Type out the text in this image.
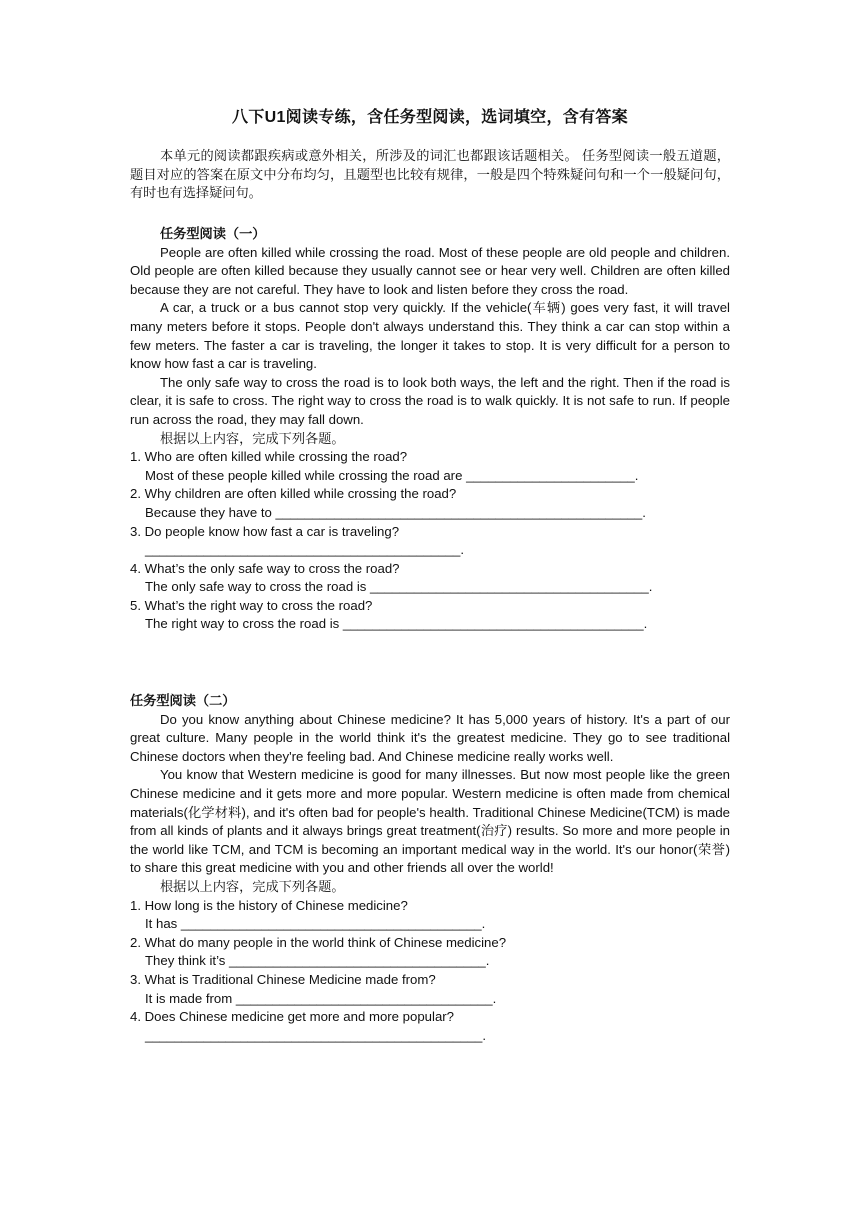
八下U1阅读专练，含任务型阅读，选词填空，含有答案

本单元的阅读都跟疾病或意外相关，所涉及的词汇也都跟该话题相关。 任务型阅读一般五道题，题目对应的答案在原文中分布均匀，且题型也比较有规律，一般是四个特殊疑问句和一个一般疑问句，有时也有选择疑问句。

任务型阅读（一）

People are often killed while crossing the road. Most of these people are old people and children. Old people are often killed because they usually cannot see or hear very well. Children are often killed because they are not careful. They have to look and listen before they cross the road.

A car, a truck or a bus cannot stop very quickly. If the vehicle(车辆) goes very fast, it will travel many meters before it stops. People don't always understand this. They think a car can stop within a few meters. The faster a car is traveling, the longer it takes to stop. It is very difficult for a person to know how fast a car is traveling.

The only safe way to cross the road is to look both ways, the left and the right. Then if the road is clear, it is safe to cross. The right way to cross the road is to walk quickly. It is not safe to run. If people run across the road, they may fall down.

根据以上内容，完成下列各题。

1. Who are often killed while crossing the road?

Most of these people killed while crossing the road are _______________________.

2. Why children are often killed while crossing the road?

Because they have to __________________________________________________.

3. Do people know how fast a car is traveling?

___________________________________________.

4. What’s the only safe way to cross the road?

The only safe way to cross the road is ______________________________________.

5. What’s the right way to cross the road?

The right way to cross the road is _________________________________________.

任务型阅读（二）

Do you know anything about Chinese medicine? It has 5,000 years of history. It's a part of our great culture. Many people in the world think it's the greatest medicine. They go to see traditional Chinese doctors when they're feeling bad. And Chinese medicine really works well.

You know that Western medicine is good for many illnesses. But now most people like the green Chinese medicine and it gets more and more popular. Western medicine is often made from chemical materials(化学材料), and it's often bad for people's health. Traditional Chinese Medicine(TCM) is made from all kinds of plants and it always brings great treatment(治疗) results. So more and more people in the world like TCM, and TCM is becoming an important medical way in the world. It's our honor(荣誉) to share this great medicine with you and other friends all over the world!

根据以上内容，完成下列各题。

1. How long is the history of Chinese medicine?

It has _________________________________________.

2. What do many people in the world think of Chinese medicine?

They think it’s ___________________________________.

3. What is Traditional Chinese Medicine made from?

It is made from ___________________________________.

4. Does Chinese medicine get more and more popular?

______________________________________________.
